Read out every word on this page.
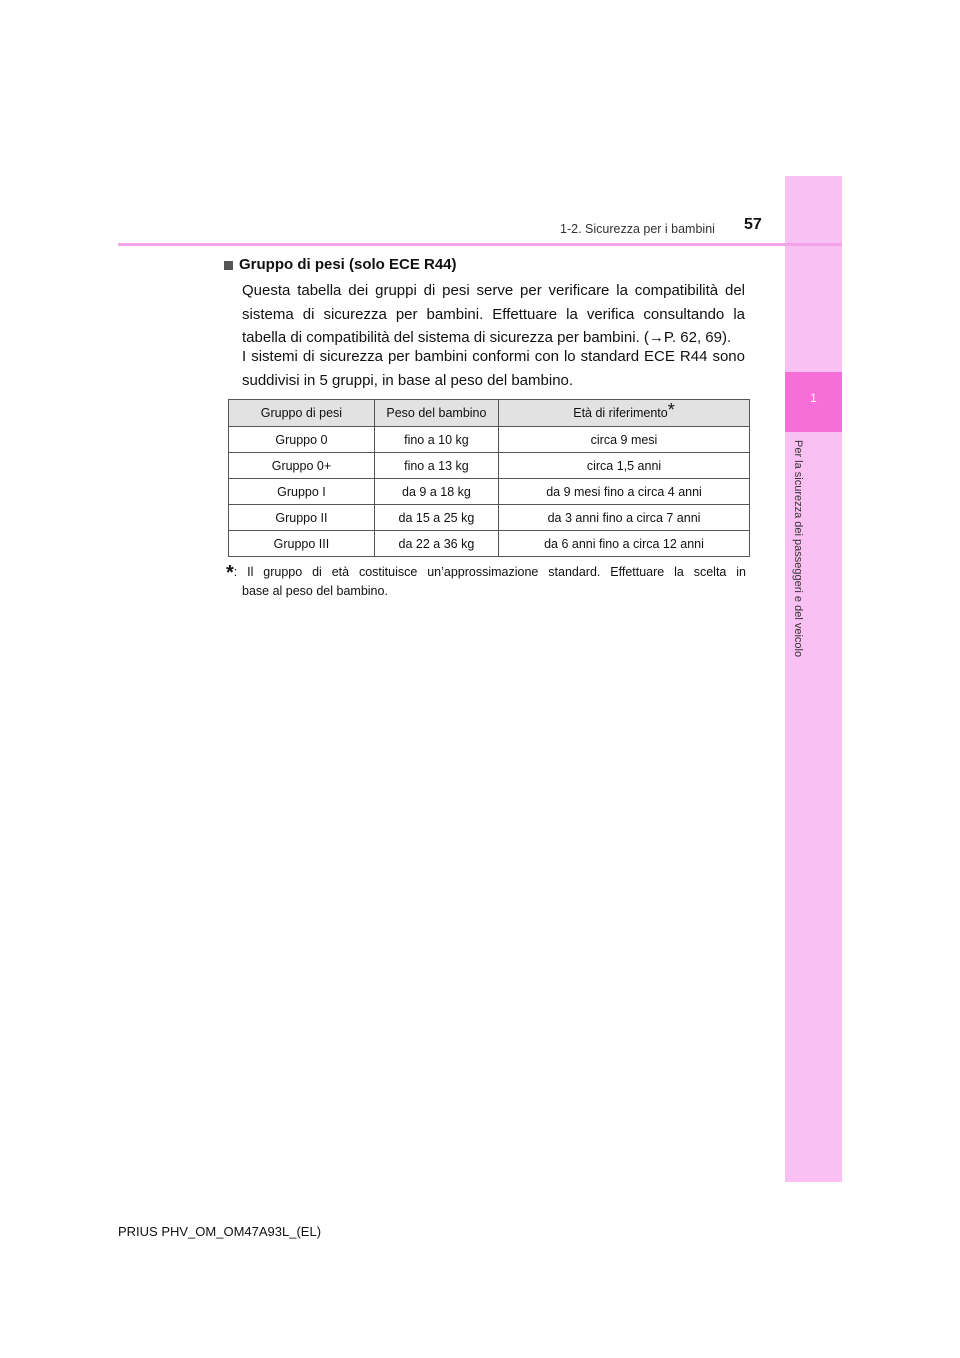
1
Per la sicurezza dei passeggeri e del veicolo
1-2. Sicurezza per i bambini 57
Gruppo di pesi (solo ECE R44)
Questa tabella dei gruppi di pesi serve per verificare la compatibilità del sistema di sicurezza per bambini. Effettuare la verifica consultando la tabella di compatibilità del sistema di sicurezza per bambini. (→P. 62, 69).
I sistemi di sicurezza per bambini conformi con lo standard ECE R44 sono suddivisi in 5 gruppi, in base al peso del bambino.
Gruppo di pesi	Peso del bambino	Età di riferimento*
Gruppo 0	fino a 10 kg	circa 9 mesi
Gruppo 0+	fino a 13 kg	circa 1,5 anni
Gruppo I	da 9 a 18 kg	da 9 mesi fino a circa 4 anni
Gruppo II	da 15 a 25 kg	da 3 anni fino a circa 7 anni
Gruppo III	da 22 a 36 kg	da 6 anni fino a circa 12 anni
*: Il gruppo di età costituisce un’approssimazione standard. Effettuare la scelta in
base al peso del bambino.
PRIUS PHV_OM_OM47A93L_(EL)
